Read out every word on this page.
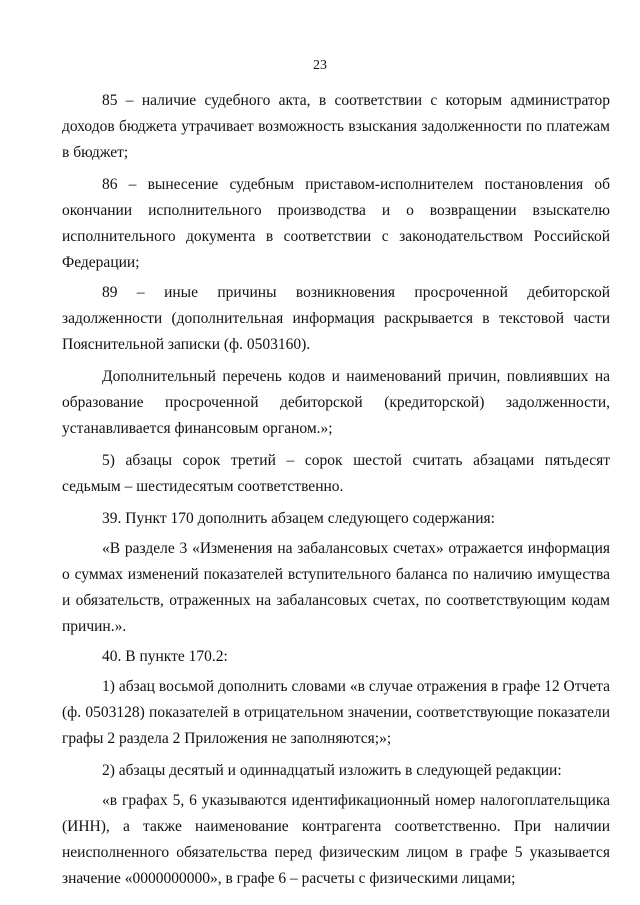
23

85 – наличие судебного акта, в соответствии с которым администратор доходов бюджета утрачивает возможность взыскания задолженности по платежам в бюджет;

86 – вынесение судебным приставом-исполнителем постановления об окончании исполнительного производства и о возвращении взыскателю исполнительного документа в соответствии с законодательством Российской Федерации;

89 – иные причины возникновения просроченной дебиторской задолженности (дополнительная информация раскрывается в текстовой части Пояснительной записки (ф. 0503160).

Дополнительный перечень кодов и наименований причин, повлиявших на образование просроченной дебиторской (кредиторской) задолженности, устанавливается финансовым органом.»;

5) абзацы сорок третий – сорок шестой считать абзацами пятьдесят седьмым – шестидесятым соответственно.

39. Пункт 170 дополнить абзацем следующего содержания:

«В разделе 3 «Изменения на забалансовых счетах» отражается информация о суммах изменений показателей вступительного баланса по наличию имущества и обязательств, отраженных на забалансовых счетах, по соответствующим кодам причин.».

40. В пункте 170.2:

1) абзац восьмой дополнить словами «в случае отражения в графе 12 Отчета (ф. 0503128) показателей в отрицательном значении, соответствующие показатели графы 2 раздела 2 Приложения не заполняются;»;

2) абзацы десятый и одиннадцатый изложить в следующей редакции:

«в графах 5, 6 указываются идентификационный номер налогоплательщика (ИНН), а также наименование контрагента соответственно. При наличии неисполненного обязательства перед физическим лицом в графе 5 указывается значение «0000000000», в графе 6 – расчеты с физическими лицами;
